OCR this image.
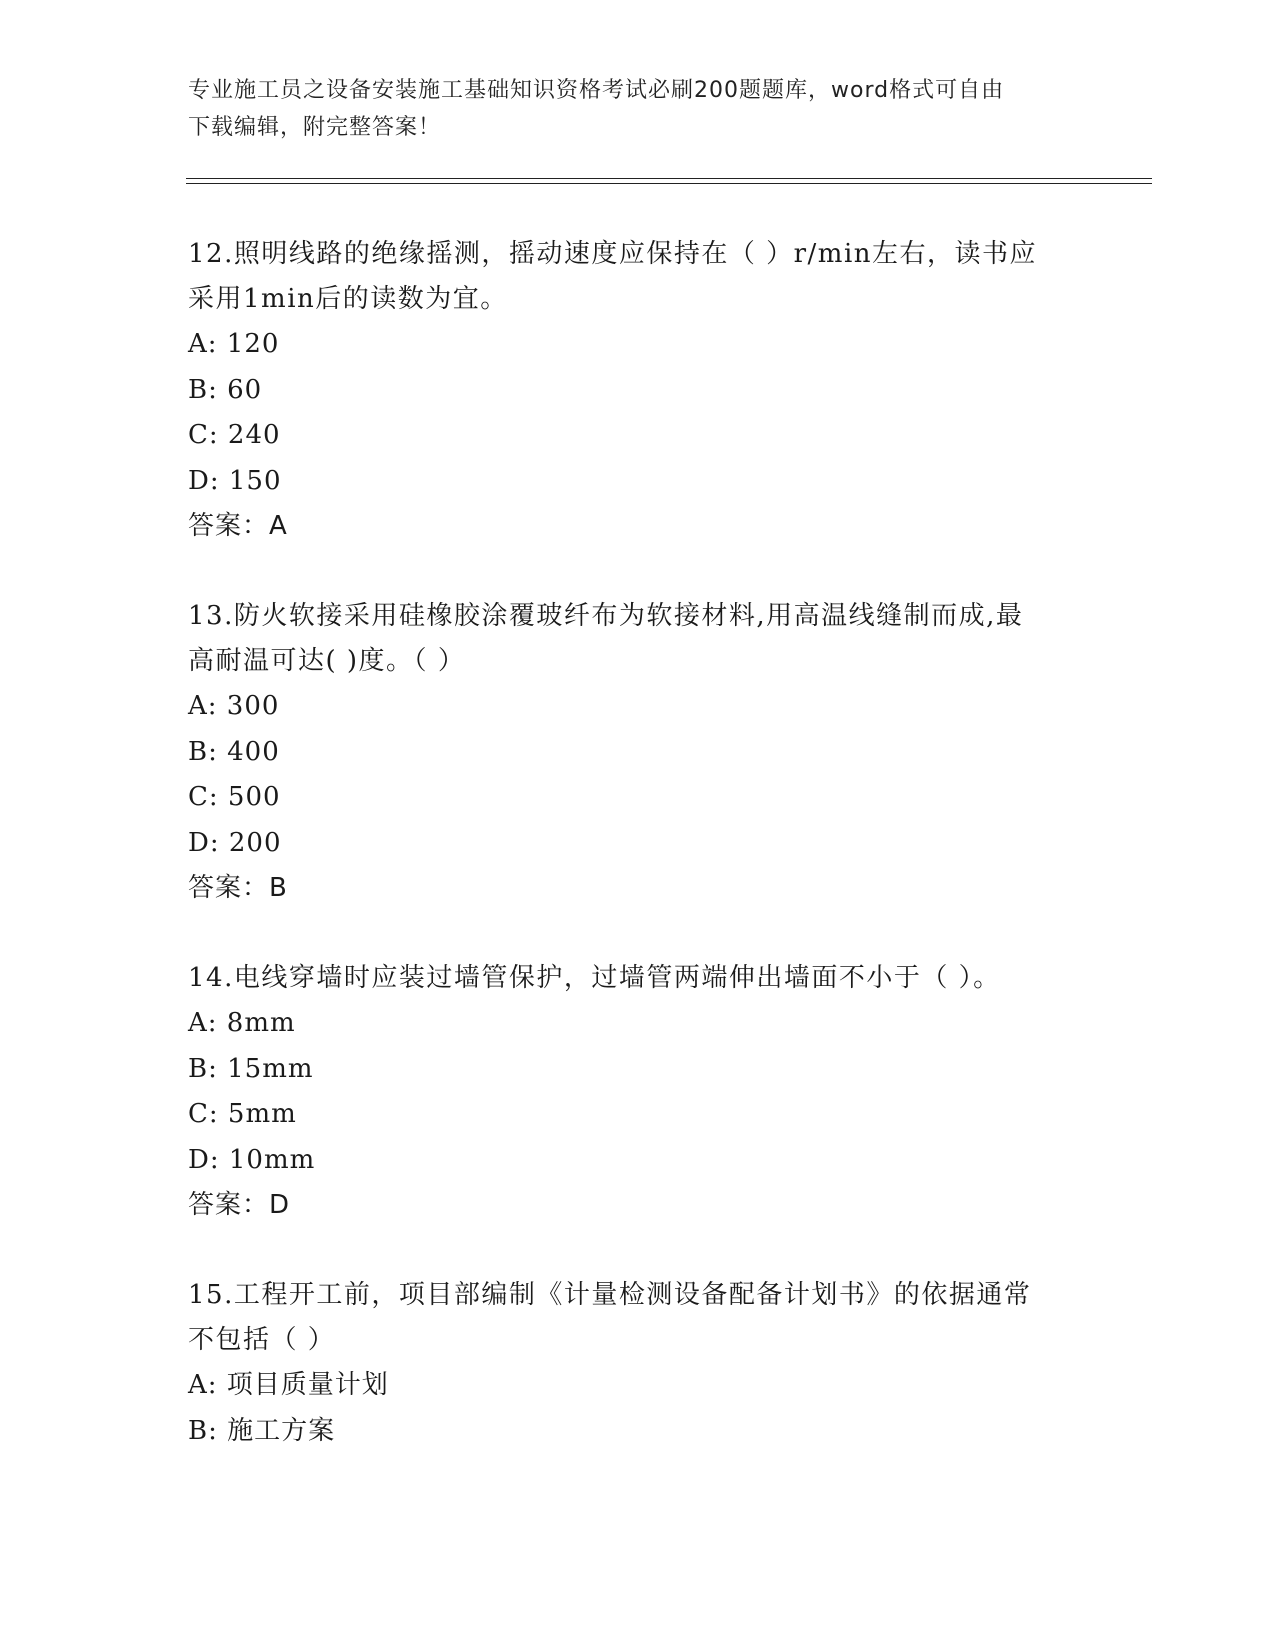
专业施工员之设备安装施工基础知识资格考试必刷200题题库，word格式可自由
下载编辑，附完整答案！

12.照明线路的绝缘摇测，摇动速度应保持在（ ）r/min左右，读书应

采用1min后的读数为宜。

A: 120

B: 60

C: 240

D: 150

答案：A

13.防火软接采用硅橡胶涂覆玻纤布为软接材料,用高温线缝制而成,最

高耐温可达( )度。（ ）

A: 300

B: 400

C: 500

D: 200

答案：B

14.电线穿墙时应装过墙管保护，过墙管两端伸出墙面不小于（ ）。

A: 8mm

B: 15mm

C: 5mm

D: 10mm

答案：D

15.工程开工前，项目部编制《计量检测设备配备计划书》的依据通常

不包括（ ）

A: 项目质量计划

B: 施工方案
